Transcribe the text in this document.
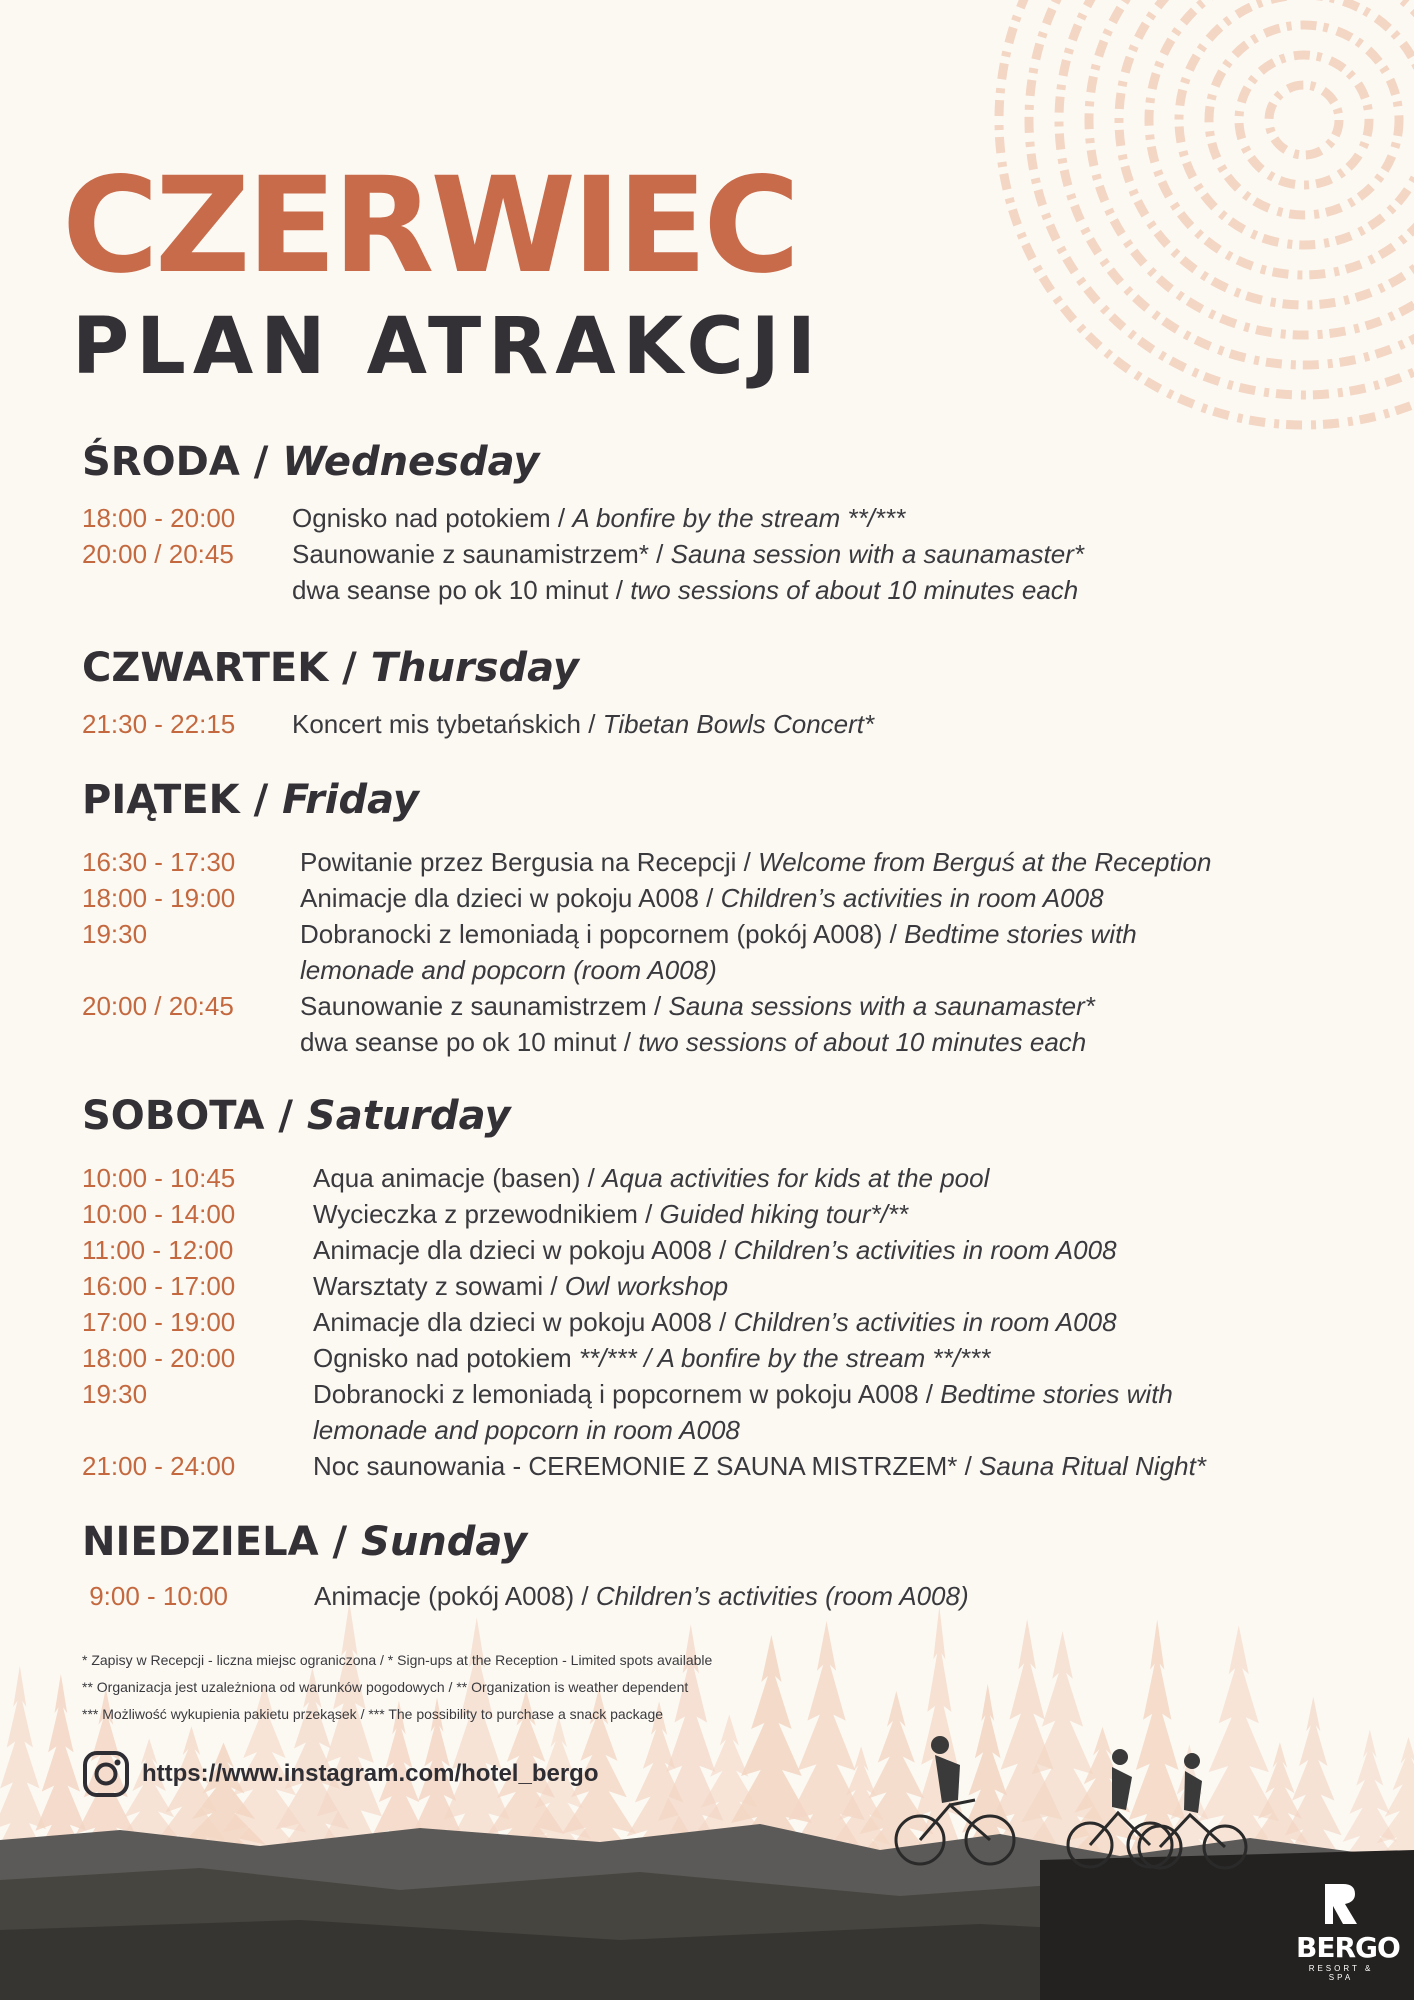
CZERWIEC
PLAN ATRAKCJI
ŚRODA / Wednesday
18:00 - 20:00	Ognisko nad potokiem / A bonfire by the stream **/***
20:00 / 20:45	Saunowanie z saunamistrzem* / Sauna session with a saunamaster*
dwa seanse po ok 10 minut / two sessions of about 10 minutes each
CZWARTEK / Thursday
21:30 - 22:15	Koncert mis tybetańskich / Tibetan Bowls Concert*
PIĄTEK / Friday
16:30 - 17:30	Powitanie przez Bergusia na Recepcji / Welcome from Berguś at the Reception
18:00 - 19:00	Animacje dla dzieci w pokoju A008 / Children’s activities in room A008
19:30	Dobranocki z lemoniadą i popcornem (pokój A008) / Bedtime stories with
lemonade and popcorn (room A008)
20:00 / 20:45	Saunowanie z saunamistrzem / Sauna sessions with a saunamaster*
dwa seanse po ok 10 minut / two sessions of about 10 minutes each
SOBOTA / Saturday
10:00 - 10:45	Aqua animacje (basen) / Aqua activities for kids at the pool
10:00 - 14:00	Wycieczka z przewodnikiem / Guided hiking tour*/**
11:00 - 12:00	Animacje dla dzieci w pokoju A008 / Children’s activities in room A008
16:00 - 17:00	Warsztaty z sowami / Owl workshop
17:00 - 19:00	Animacje dla dzieci w pokoju A008 / Children’s activities in room A008
18:00 - 20:00	Ognisko nad potokiem **/*** / A bonfire by the stream **/***
19:30	Dobranocki z lemoniadą i popcornem w pokoju A008 / Bedtime stories with
lemonade and popcorn in room A008
21:00 - 24:00	Noc saunowania - CEREMONIE Z SAUNA MISTRZEM* / Sauna Ritual Night*
NIEDZIELA / Sunday
9:00 - 10:00	Animacje (pokój A008) / Children’s activities (room A008)
* Zapisy w Recepcji - liczna miejsc ograniczona / * Sign-ups at the Reception - Limited spots available
** Organizacja jest uzależniona od warunków pogodowych / ** Organization is weather dependent
*** Możliwość wykupienia pakietu przekąsek / *** The possibility to purchase a snack package
https://www.instagram.com/hotel_bergo
BERGO
RESORT & SPA
